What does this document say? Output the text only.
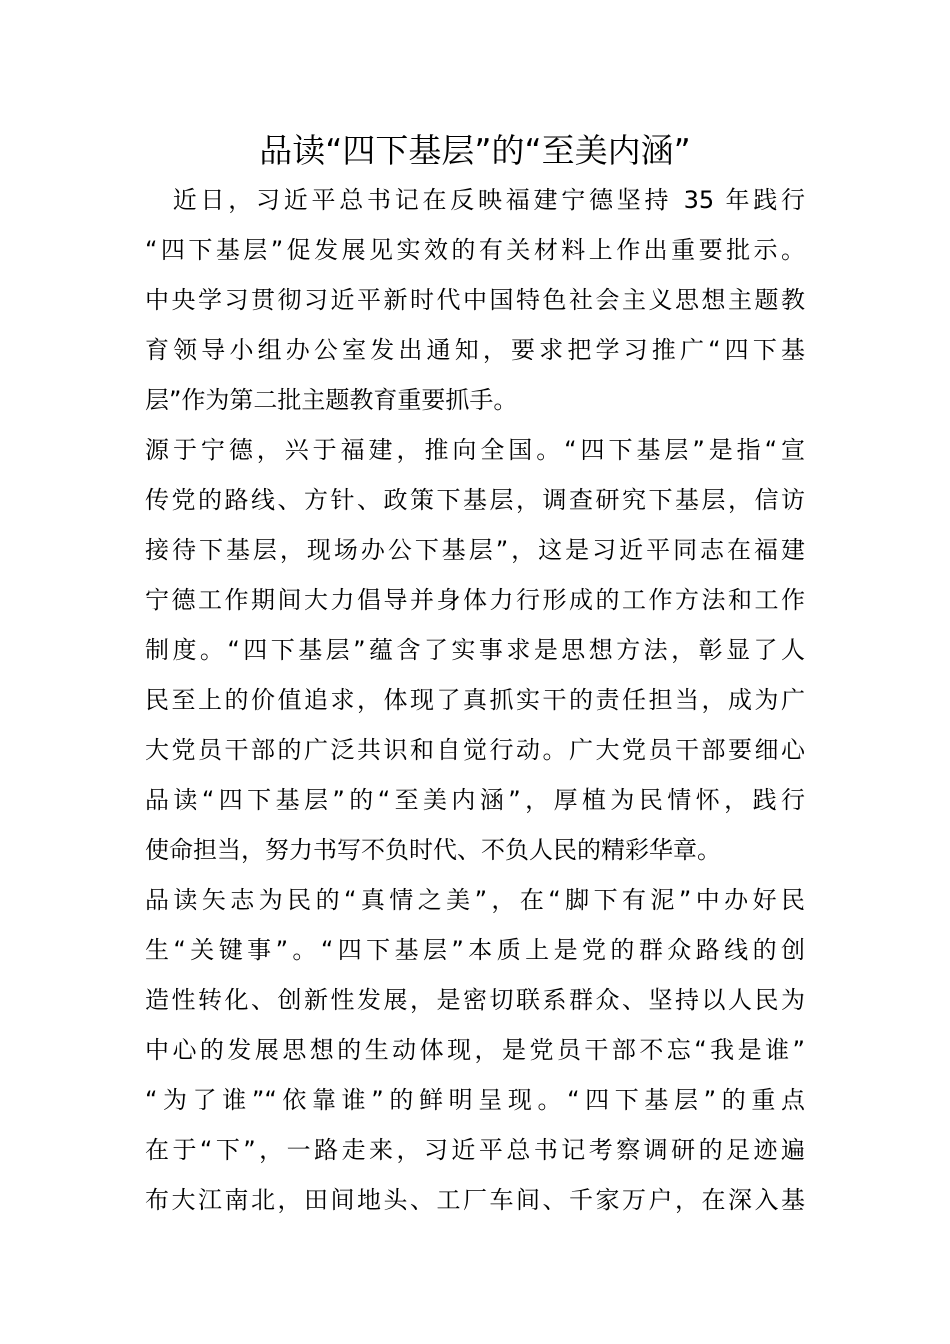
品读“四下基层”的“至美内涵”
　近日，习近平总书记在反映福建宁德坚持 35 年践行
“四下基层”促发展见实效的有关材料上作出重要批示。
中央学习贯彻习近平新时代中国特色社会主义思想主题教
育领导小组办公室发出通知，要求把学习推广“四下基
层”作为第二批主题教育重要抓手。
源于宁德，兴于福建，推向全国。“四下基层”是指“宣
传党的路线、方针、政策下基层，调查研究下基层，信访
接待下基层，现场办公下基层”，这是习近平同志在福建
宁德工作期间大力倡导并身体力行形成的工作方法和工作
制度。“四下基层”蕴含了实事求是思想方法，彰显了人
民至上的价值追求，体现了真抓实干的责任担当，成为广
大党员干部的广泛共识和自觉行动。广大党员干部要细心
品读“四下基层”的“至美内涵”，厚植为民情怀，践行
使命担当，努力书写不负时代、不负人民的精彩华章。
品读矢志为民的“真情之美”，在“脚下有泥”中办好民
生“关键事”。“四下基层”本质上是党的群众路线的创
造性转化、创新性发展，是密切联系群众、坚持以人民为
中心的发展思想的生动体现，是党员干部不忘“我是谁”
“为了谁”“依靠谁”的鲜明呈现。“四下基层”的重点
在于“下”，一路走来，习近平总书记考察调研的足迹遍
布大江南北，田间地头、工厂车间、千家万户，在深入基
